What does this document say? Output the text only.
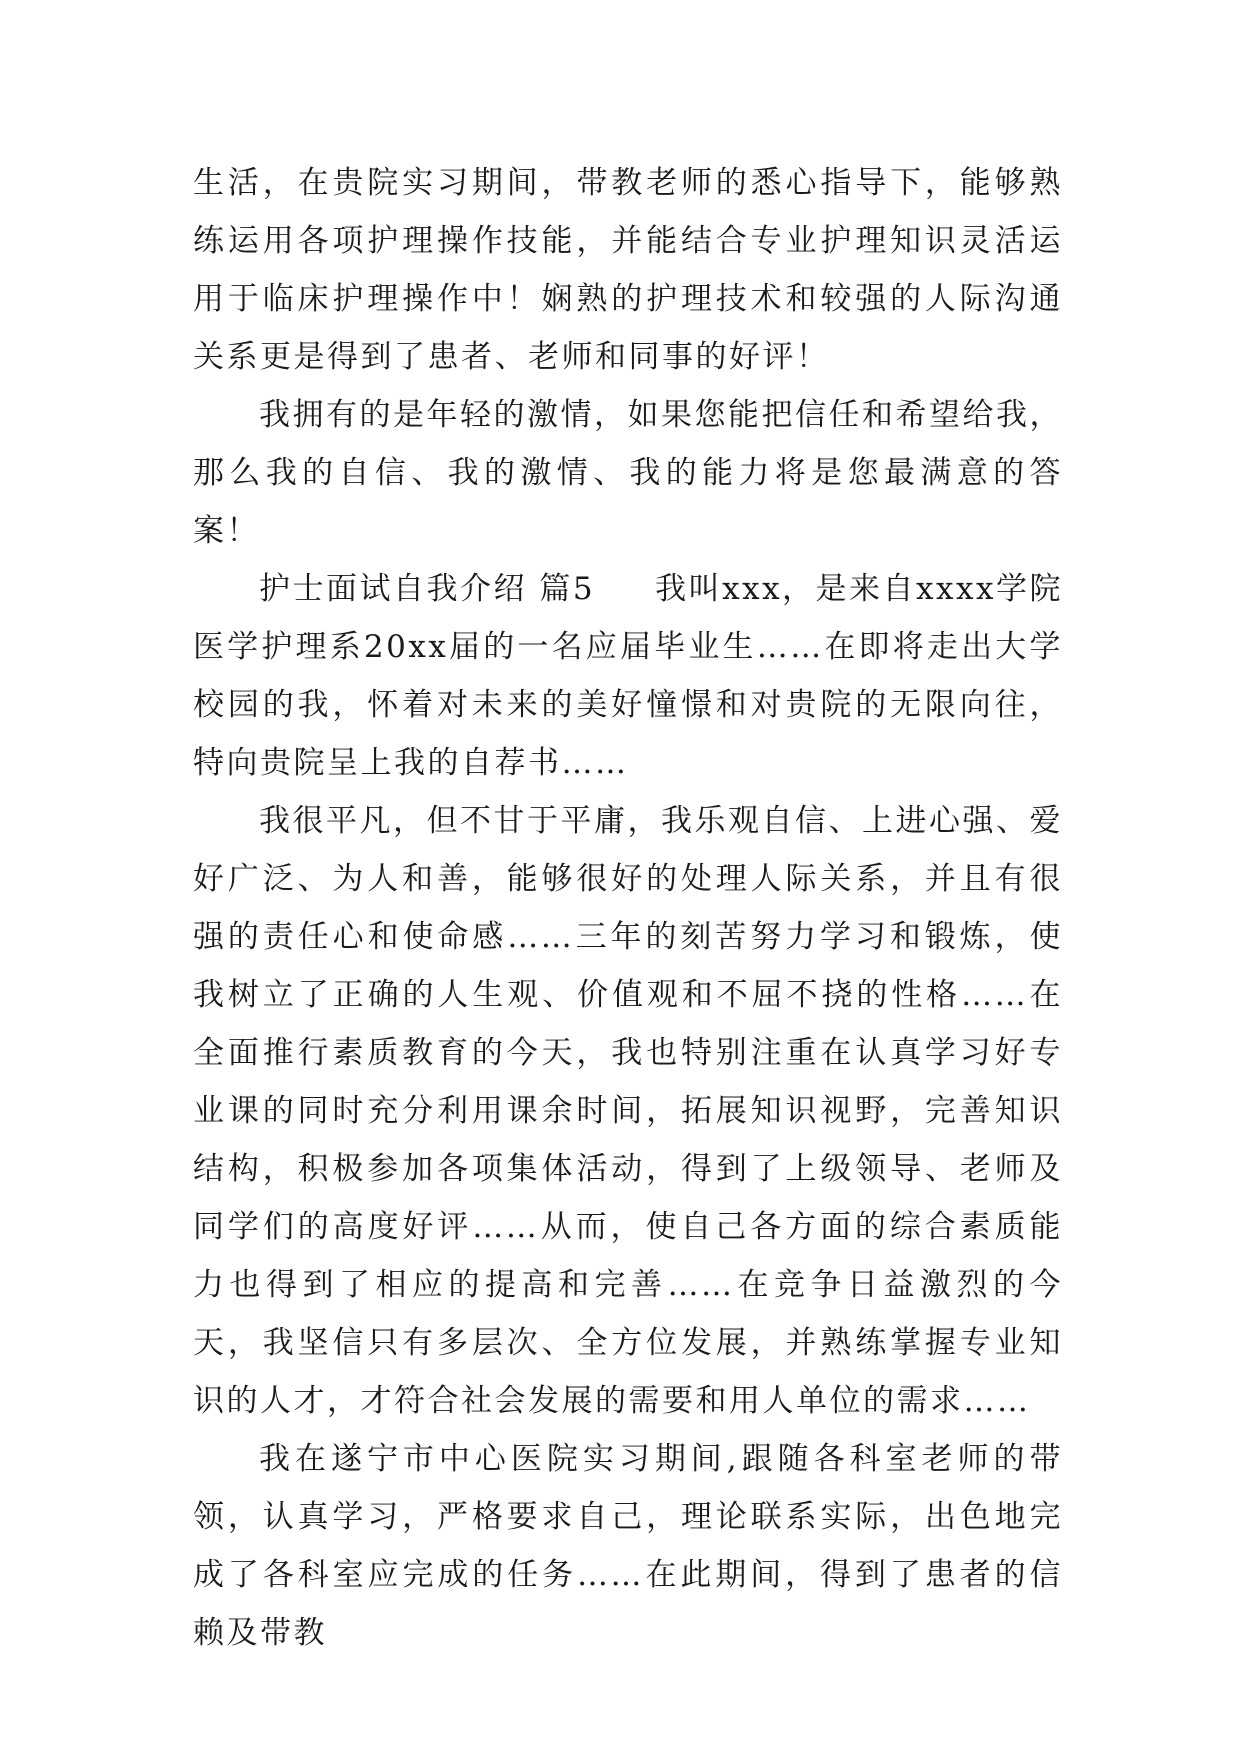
生活，在贵院实习期间，带教老师的悉心指导下，能够熟练运用各项护理操作技能，并能结合专业护理知识灵活运用于临床护理操作中！娴熟的护理技术和较强的人际沟通关系更是得到了患者、老师和同事的好评！

我拥有的是年轻的激情，如果您能把信任和希望给我，那么我的自信、我的激情、我的能力将是您最满意的答案！

护士面试自我介绍 篇5 我叫xxx，是来自xxxx学院医学护理系20xx届的一名应届毕业生……在即将走出大学校园的我，怀着对未来的美好憧憬和对贵院的无限向往，特向贵院呈上我的自荐书……

我很平凡，但不甘于平庸，我乐观自信、上进心强、爱好广泛、为人和善，能够很好的处理人际关系，并且有很强的责任心和使命感……三年的刻苦努力学习和锻炼，使我树立了正确的人生观、价值观和不屈不挠的性格……在全面推行素质教育的今天，我也特别注重在认真学习好专业课的同时充分利用课余时间，拓展知识视野，完善知识结构，积极参加各项集体活动，得到了上级领导、老师及同学们的高度好评……从而，使自己各方面的综合素质能力也得到了相应的提高和完善……在竞争日益激烈的今天，我坚信只有多层次、全方位发展，并熟练掌握专业知识的人才，才符合社会发展的需要和用人单位的需求……

我在遂宁市中心医院实习期间,跟随各科室老师的带领，认真学习，严格要求自己，理论联系实际，出色地完成了各科室应完成的任务……在此期间，得到了患者的信赖及带教
